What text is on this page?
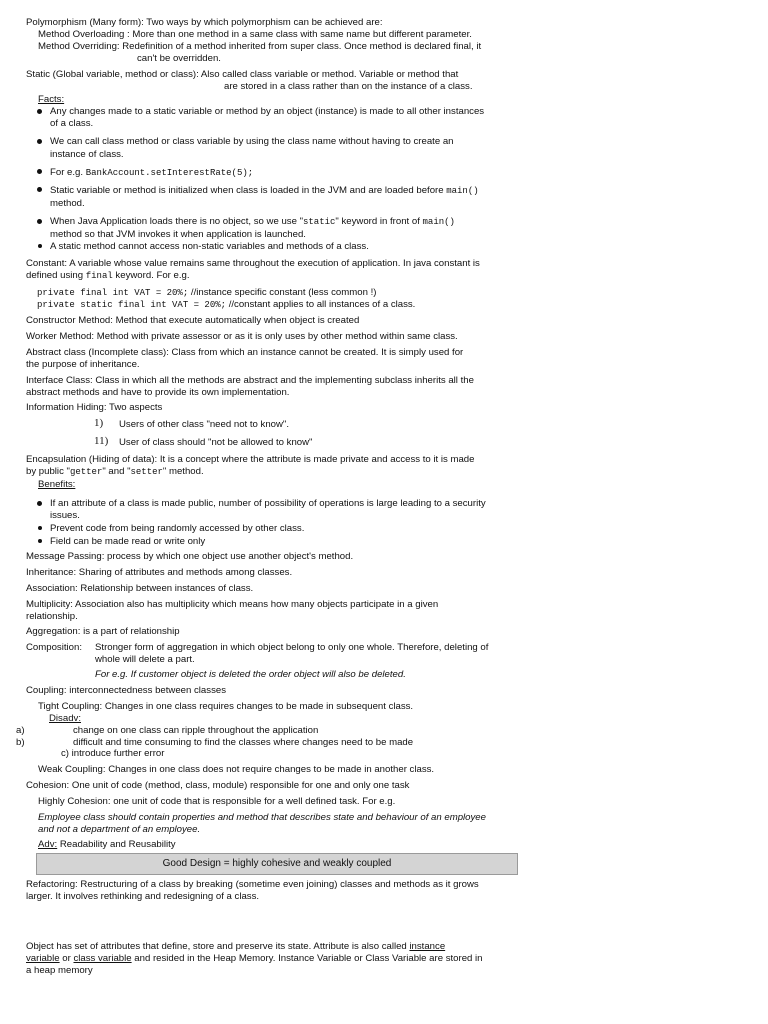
Polymorphism (Many form): Two ways by which polymorphism can be achieved are:
Method Overloading : More than one method in a same class with same name but different parameter.
Method Overriding: Redefinition of a method inherited from super class. Once method is declared final, it
can't be overridden.
Static (Global variable, method or class): Also called class variable or method. Variable or method that
are stored in a class rather than on the instance of a class.
Facts:
Any changes made to a static variable or method by an object (instance) is made to all other instances
of a class.
We can call class method or class variable by using the class name without having to create an
instance of class.
For e.g. BankAccount.setInterestRate(5);
Static variable or method is initialized when class is loaded in the JVM and are loaded before main()
method.
When Java Application loads there is no object, so we use "static" keyword in front of main()
method so that JVM invokes it when application is launched.
A static method cannot access non-static variables and methods of a class.
Constant: A variable whose value remains same throughout the execution of application. In java constant is
defined using final keyword. For e.g.
private final int VAT = 20%; //instance specific constant (less common !)
private static final int VAT = 20%; //constant applies to all instances of a class.
Constructor Method: Method that execute automatically when object is created
Worker Method: Method with private assessor or as it is only uses by other method within same class.
Abstract class (Incomplete class): Class from which an instance cannot be created. It is simply used for
the purpose of inheritance.
Interface Class: Class in which all the methods are abstract and the implementing subclass inherits all the
abstract methods and have to provide its own implementation.
Information Hiding: Two aspects
1) Users of other class "need not to know".
11) User of class should "not be allowed to know"
Encapsulation (Hiding of data): It is a concept where the attribute is made private and access to it is made
by public "getter" and "setter" method.
Benefits:
If an attribute of a class is made public, number of possibility of operations is large leading to a security
issues.
Prevent code from being randomly accessed by other class.
Field can be made read or write only
Message Passing: process by which one object use another object's method.
Inheritance: Sharing of attributes and methods among classes.
Association: Relationship between instances of class.
Multiplicity: Association also has multiplicity which means how many objects participate in a given
relationship.
Aggregation: is a part of relationship
Composition: Stronger form of aggregation in which object belong to only one whole. Therefore, deleting of
whole will delete a part.
For e.g. If customer object is deleted the order object will also be deleted.
Coupling: interconnectedness between classes
Tight Coupling: Changes in one class requires changes to be made in subsequent class.
Disadv:
a)	change on one class can ripple throughout the application
b)	difficult and time consuming to find the classes where changes need to be made
c) introduce further error
Weak Coupling: Changes in one class does not require changes to be made in another class.
Cohesion: One unit of code (method, class, module) responsible for one and only one task
Highly Cohesion: one unit of code that is responsible for a well defined task. For e.g.
Employee class should contain properties and method that describes state and behaviour of an employee
and not a department of an employee.
Adv: Readability and Reusability
Good Design = highly cohesive and weakly coupled
Refactoring: Restructuring of a class by breaking (sometime even joining) classes and methods as it grows
larger. It involves rethinking and redesigning of a class.
Object has set of attributes that define, store and preserve its state. Attribute is also called instance
variable or class variable and resided in the Heap Memory. Instance Variable or Class Variable are stored in
a heap memory
